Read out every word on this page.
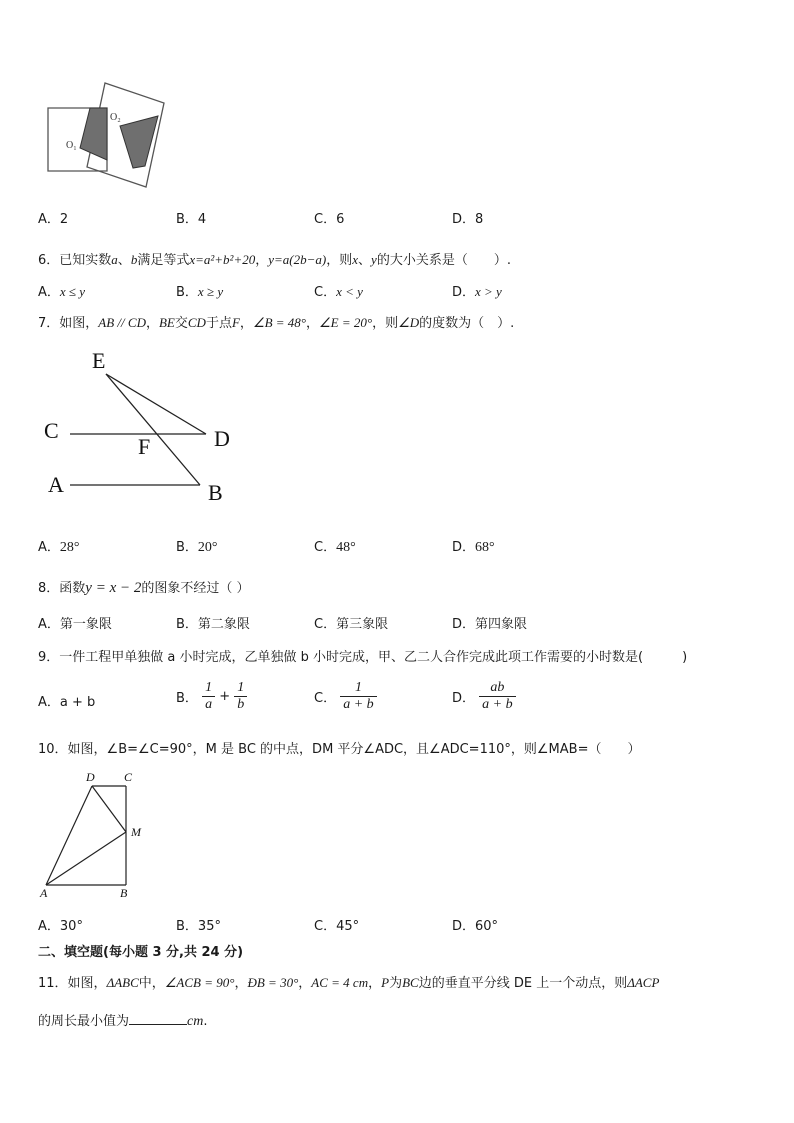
O₁
O₂
A．2	B．4	C．6	D．8
6．已知实数a、b满足等式x=a²+b²+20，y=a(2b−a)，则x、y的大小关系是（　　）.
A．x ≤ y	B．x ≥ y	C．x < y	D．x > y
7．如图，AB // CD，BE交CD于点F，∠B = 48°，∠E = 20°，则∠D的度数为（　）.
E
C	D
F
A	B
A．28°	B．20°	C．48°	D．68°
8．函数y = x − 2的图象不经过（ ）
A．第一象限	B．第二象限	C．第三象限	D．第四象限
9．一件工程甲单独做 a 小时完成，乙单独做 b 小时完成，甲、乙二人合作完成此项工作需要的小时数是(　　　)
A．a + b	B． $\frac{1}{a} + \frac{1}{b}$	C． $\frac{1}{a + b}$	D． $\frac{ab}{a + b}$
10．如图，∠B=∠C=90°，M 是 BC 的中点，DM 平分∠ADC，且∠ADC=110°，则∠MAB=（　　）
D C
M
A	B
A．30°	B．35°	C．45°	D．60°
二、填空题(每小题 3 分,共 24 分)
11．如图，ΔABC中，∠ACB = 90°，ÐB = 30°，AC = 4 cm，P为BC边的垂直平分线 DE 上一个动点，则ΔACP
的周长最小值为	cm.
